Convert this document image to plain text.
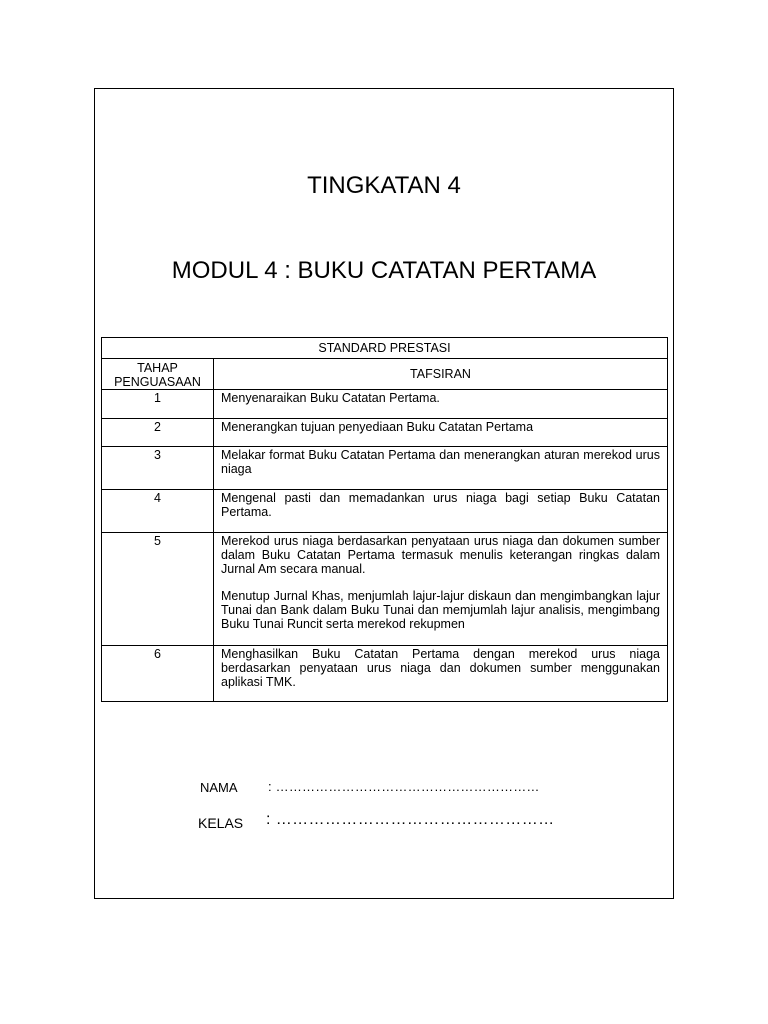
TINGKATAN 4
MODUL 4 : BUKU CATATAN PERTAMA
STANDARD PRESTASI	
TAHAP PENGUASAAN	TAFSIRAN
1	Menyenaraikan Buku Catatan Pertama.

2	Menerangkan tujuan penyediaan Buku Catatan Pertama

3	Melakar format Buku Catatan Pertama dan menerangkan aturan merekod urus niaga

4	Mengenal pasti dan memadankan urus niaga bagi setiap Buku Catatan Pertama.

5	Merekod urus niaga berdasarkan penyataan urus niaga dan dokumen sumber dalam Buku Catatan Pertama termasuk menulis keterangan ringkas dalam Jurnal Am secara manual.

Menutup Jurnal Khas, menjumlah lajur-lajur diskaun dan mengimbangkan lajur Tunai dan Bank dalam Buku Tunai dan memjumlah lajur analisis, mengimbang Buku Tunai Runcit serta merekod rekupmen

6	Menghasilkan Buku Catatan Pertama dengan merekod urus niaga berdasarkan penyataan urus niaga dan dokumen sumber menggunakan aplikasi TMK.

NAMA : ……………………………………………………
KELAS : ……………………………………………
